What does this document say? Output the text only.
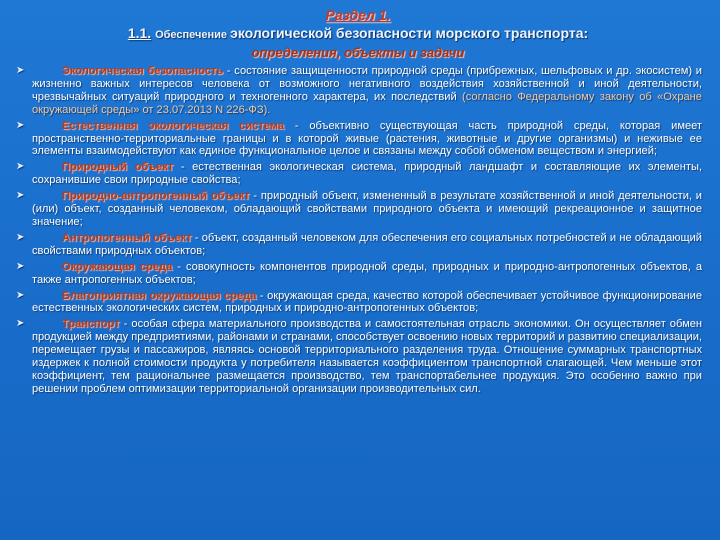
Раздел 1.
1.1. Обеспечение экологической безопасности морского транспорта:
определения, объекты и задачи
➤	Экологическая безопасность - состояние защищенности природной среды (прибрежных, шельфовых и др. экосистем) и жизненно важных интересов человека от возможного негативного воздействия хозяйственной и иной деятельности, чрезвычайных ситуаций природного и техногенного характера, их последствий (согласно Федеральному закону об «Охране окружающей среды» от 23.07.2013 N 226-ФЗ).
➤	Естественная экологическая система - объективно существующая часть природной среды, которая имеет пространственно-территориальные границы и в которой живые (растения, животные и другие организмы) и неживые ее элементы взаимодействуют как единое функциональное целое и связаны между собой обменом веществом и энергией;
➤	Природный объект - естественная экологическая система, природный ландшафт и составляющие их элементы, сохранившие свои природные свойства;
➤	Природно-антропогенный объект - природный объект, измененный в результате хозяйственной и иной деятельности, и (или) объект, созданный человеком, обладающий свойствами природного объекта и имеющий рекреационное и защитное значение;
➤	Антропогенный объект - объект, созданный человеком для обеспечения его социальных потребностей и не обладающий свойствами природных объектов;
➤	Окружающая среда - совокупность компонентов природной среды, природных и природно-антропогенных объектов, а также антропогенных объектов;
➤	Благоприятная окружающая среда - окружающая среда, качество которой обеспечивает устойчивое функционирование естественных экологических систем, природных и природно-антропогенных объектов;
➤	Транспорт - особая сфера материального производства и самостоятельная отрасль экономики. Он осуществляет обмен продукцией между предприятиями, районами и странами, способствует освоению новых территорий и развитию специализации, перемещает грузы и пассажиров, являясь основой территориального разделения труда. Отношение суммарных транспортных издержек к полной стоимости продукта у потребителя называется коэффициентом транспортной слагающей. Чем меньше этот коэффициент, тем рациональнее размещается производство, тем транспортабельнее продукция. Это особенно важно при решении проблем оптимизации территориальной организации производительных сил.
